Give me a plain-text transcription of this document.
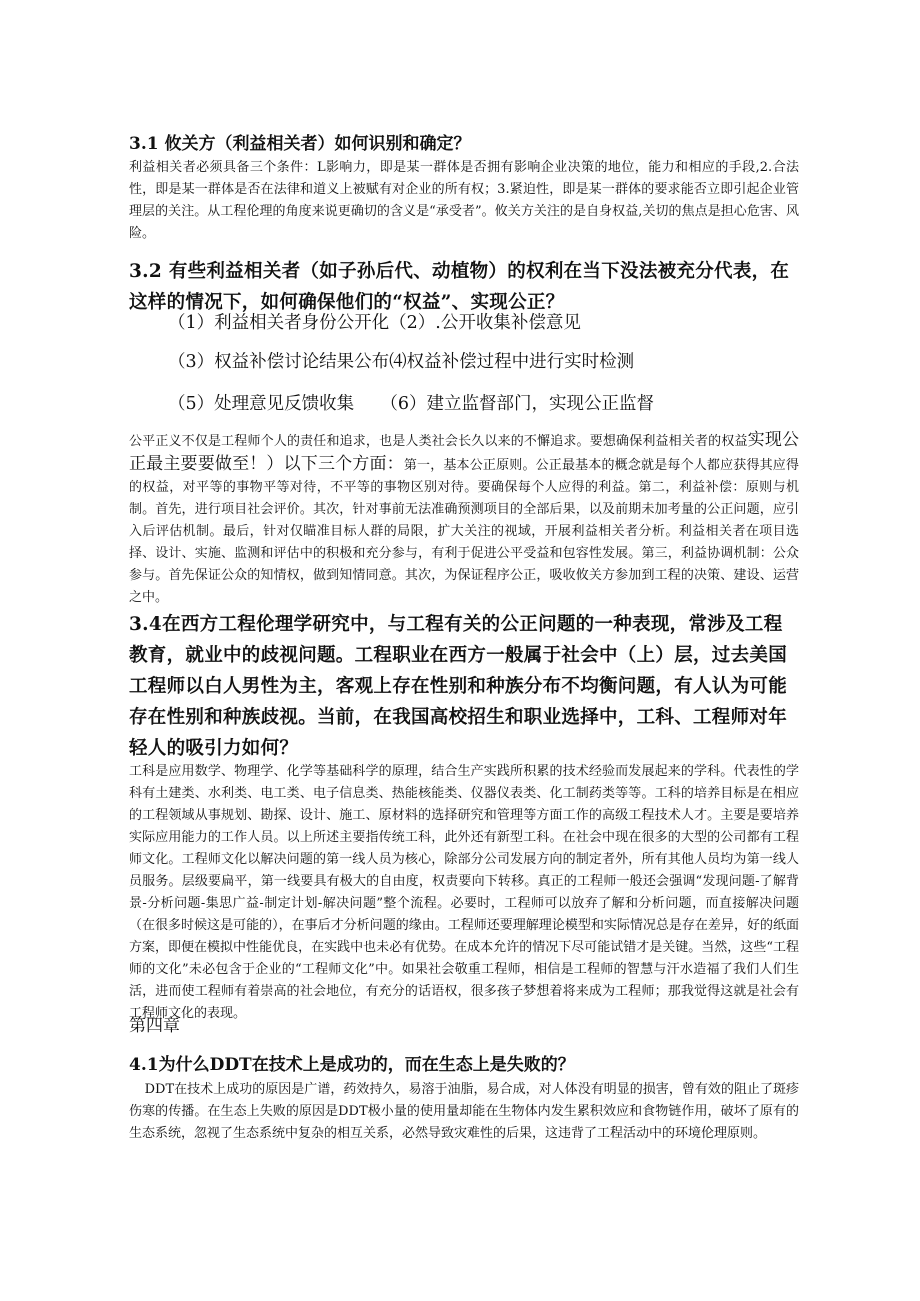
3.1 攸关方（利益相关者）如何识别和确定？

利益相关者必须具备三个条件：L影响力，即是某一群体是否拥有影响企业决策的地位，能力和相应的手段,2.合法性，即是某一群体是否在法律和道义上被赋有对企业的所有权；3.紧迫性，即是某一群体的要求能否立即引起企业管理层的关注。从工程伦理的角度来说更确切的含义是“承受者”。攸关方关注的是自身权益,关切的焦点是担心危害、风险。

3.2 有些利益相关者（如子孙后代、动植物）的权利在当下没法被充分代表，在这样的情况下，如何确保他们的“权益”、实现公正？
（1）利益相关者身份公开化（2）.公开收集补偿意见
（3）权益补偿讨论结果公布⑷权益补偿过程中进行实时检测
（5）处理意见反馈收集　　（6）建立监督部门，实现公正监督

公平正义不仅是工程师个人的责任和追求，也是人类社会长久以来的不懈追求。要想确保利益相关者的权益实现公正最主要要做至！）以下三个方面：第一，基本公正原则。公正最基本的概念就是每个人都应获得其应得的权益，对平等的事物平等对待，不平等的事物区别对待。要确保每个人应得的利益。第二，利益补偿：原则与机制。首先，进行项目社会评价。其次，针对事前无法准确预测项目的全部后果，以及前期未加考量的公正问题，应引入后评估机制。最后，针对仅瞄准目标人群的局限，扩大关注的视域，开展利益相关者分析。利益相关者在项目选择、设计、实施、监测和评估中的积极和充分参与，有利于促进公平受益和包容性发展。第三，利益协调机制：公众参与。首先保证公众的知情权，做到知情同意。其次，为保证程序公正，吸收攸关方参加到工程的决策、建设、运营之中。

3.4在西方工程伦理学研究中，与工程有关的公正问题的一种表现，常涉及工程教育，就业中的歧视问题。工程职业在西方一般属于社会中（上）层，过去美国工程师以白人男性为主，客观上存在性别和种族分布不均衡问题，有人认为可能存在性别和种族歧视。当前，在我国高校招生和职业选择中，工科、工程师对年轻人的吸引力如何？

工科是应用数学、物理学、化学等基础科学的原理，结合生产实践所积累的技术经验而发展起来的学科。代表性的学科有土建类、水利类、电工类、电子信息类、热能核能类、仪器仪表类、化工制药类等等。工科的培养目标是在相应的工程领域从事规划、勘探、设计、施工、原材料的选择研究和管理等方面工作的高级工程技术人才。主要是要培养实际应用能力的工作人员。以上所述主要指传统工科，此外还有新型工科。在社会中现在很多的大型的公司都有工程师文化。工程师文化以解决问题的第一线人员为核心，除部分公司发展方向的制定者外，所有其他人员均为第一线人员服务。层级要扁平，第一线要具有极大的自由度，权责要向下转移。真正的工程师一般还会强调“发现问题-了解背景-分析问题-集思广益-制定计划-解决问题”整个流程。必要时，工程师可以放弃了解和分析问题，而直接解决问题（在很多时候这是可能的），在事后才分析问题的缘由。工程师还要理解理论模型和实际情况总是存在差异，好的纸面方案，即便在模拟中性能优良，在实践中也未必有优势。在成本允许的情况下尽可能试错才是关键。当然，这些“工程师的文化”未必包含于企业的“工程师文化”中。如果社会敬重工程师，相信是工程师的智慧与汗水造福了我们人们生活，进而使工程师有着崇高的社会地位，有充分的话语权，很多孩子梦想着将来成为工程师；那我觉得这就是社会有工程师文化的表现。

第四章
4.1为什么DDT在技术上是成功的，而在生态上是失败的？

DDT在技术上成功的原因是广谱，药效持久，易溶于油脂，易合成，对人体没有明显的损害，曾有效的阻止了斑疹伤寒的传播。在生态上失败的原因是DDT极小量的使用量却能在生物体内发生累积效应和食物链作用，破坏了原有的生态系统，忽视了生态系统中复杂的相互关系，必然导致灾难性的后果，这违背了工程活动中的环境伦理原则。
